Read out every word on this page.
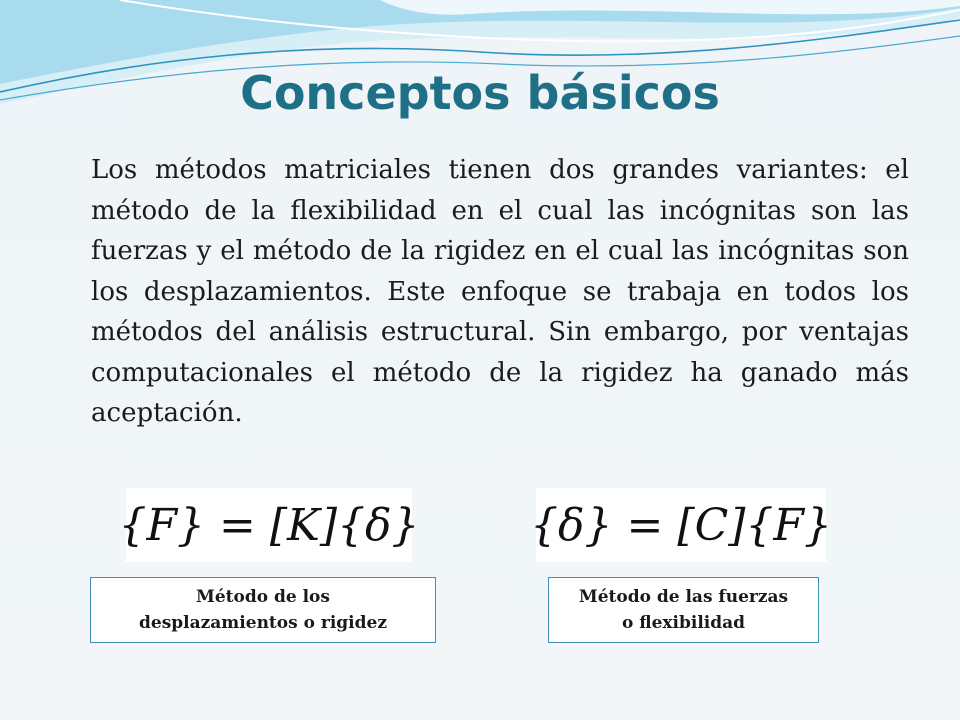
Conceptos básicos
Los métodos matriciales tienen dos grandes variantes: el método de la flexibilidad en el cual las incógnitas son las fuerzas y el método de la rigidez en el cual las incógnitas son los desplazamientos. Este enfoque se trabaja en todos los métodos del análisis estructural. Sin embargo, por ventajas computacionales el método de la rigidez ha ganado más aceptación.
{F}
=
[K] {δ}	{δ}
=
[C] {F}
Método de los
desplazamientos o rigidez
Método de las fuerzas
o flexibilidad
